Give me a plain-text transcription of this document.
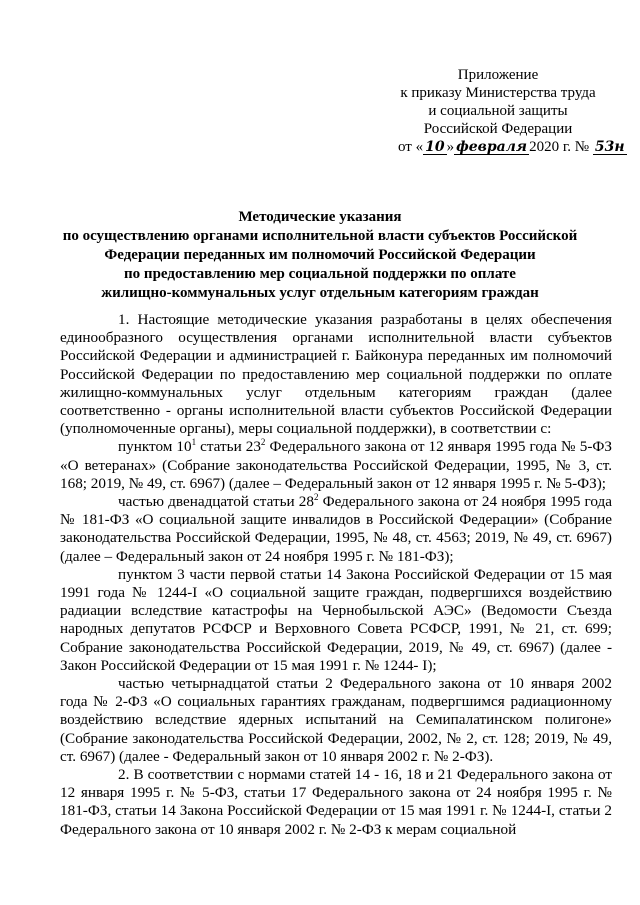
Приложение
к приказу Министерства труда
и социальной защиты
Российской Федерации
от « 10 » февраля 2020 г. № 53н
Методические указания
по осуществлению органами исполнительной власти субъектов Российской
Федерации переданных им полномочий Российской Федерации
по предоставлению мер социальной поддержки по оплате
жилищно-коммунальных услуг отдельным категориям граждан

1. Настоящие методические указания разработаны в целях обеспечения единообразного осуществления органами исполнительной власти субъектов Российской Федерации и администрацией г. Байконура переданных им полномочий Российской Федерации по предоставлению мер социальной поддержки по оплате жилищно-коммунальных услуг отдельным категориям граждан (далее соответственно - органы исполнительной власти субъектов Российской Федерации (уполномоченные органы), меры социальной поддержки), в соответствии с:

пунктом $10^1$ статьи $23^2$ Федерального закона от 12 января 1995 года № 5-ФЗ «О ветеранах» (Собрание законодательства Российской Федерации, 1995, № 3, ст. 168; 2019, № 49, ст. 6967) (далее – Федеральный закон от 12 января 1995 г. № 5-ФЗ);

частью двенадцатой статьи $28^2$ Федерального закона от 24 ноября 1995 года № 181-ФЗ «О социальной защите инвалидов в Российской Федерации» (Собрание законодательства Российской Федерации, 1995, № 48, ст. 4563; 2019, № 49, ст. 6967) (далее – Федеральный закон от 24 ноября 1995 г. № 181-ФЗ);

пунктом 3 части первой статьи 14 Закона Российской Федерации от 15 мая 1991 года № 1244-I «О социальной защите граждан, подвергшихся воздействию радиации вследствие катастрофы на Чернобыльской АЭС» (Ведомости Съезда народных депутатов РСФСР и Верховного Совета РСФСР, 1991, № 21, ст. 699; Собрание законодательства Российской Федерации, 2019, № 49, ст. 6967) (далее - Закон Российской Федерации от 15 мая 1991 г. № 1244- I);

частью четырнадцатой статьи 2 Федерального закона от 10 января 2002 года № 2-ФЗ «О социальных гарантиях гражданам, подвергшимся радиационному воздействию вследствие ядерных испытаний на Семипалатинском полигоне» (Собрание законодательства Российской Федерации, 2002, № 2, ст. 128; 2019, № 49, ст. 6967) (далее - Федеральный закон от 10 января 2002 г. № 2-ФЗ).

2. В соответствии с нормами статей 14 - 16, 18 и 21 Федерального закона от 12 января 1995 г. № 5-ФЗ, статьи 17 Федерального закона от 24 ноября 1995 г. № 181-ФЗ, статьи 14 Закона Российской Федерации от 15 мая 1991 г. № 1244-I, статьи 2 Федерального закона от 10 января 2002 г. № 2-ФЗ к мерам социальной
